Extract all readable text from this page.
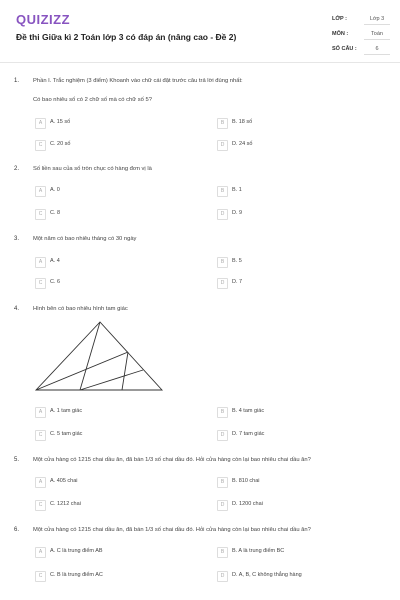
QUIZIZZ
Đề thi Giữa kì 2 Toán lớp 3 có đáp án (nâng cao - Đề 2)
LỚP :	Lớp 3
MÔN :	Toán
SỐ CÂU :	6
1. Phần I. Trắc nghiệm (3 điểm) Khoanh vào chữ cái đặt trước câu trả lời đúng nhất:
Có bao nhiêu số có 2 chữ số mà có chữ số 5?
A	A. 15 số	B	B. 18 số
C	C. 20 số	D	D. 24 số
2. Số liền sau của số tròn chục có hàng đơn vị là
A	A. 0	B	B. 1
C	C. 8	D	D. 9
3. Một năm có bao nhiêu tháng có 30 ngày
A	A. 4	B	B. 5
C	C. 6	D	D. 7
4. Hình bên có bao nhiêu hình tam giác
A	A. 1 tam giác	B	B. 4 tam giác
C	C. 5 tam giác	D	D. 7 tam giác
5. Một cửa hàng có 1215 chai dầu ăn, đã bán 1/3 số chai dầu đó. Hỏi cửa hàng còn lại bao nhiêu chai dầu ăn?
A	A. 405 chai	B	B. 810 chai
C	C. 1212 chai	D	D. 1200 chai
6. Một cửa hàng có 1215 chai dầu ăn, đã bán 1/3 số chai dầu đó. Hỏi cửa hàng còn lại bao nhiêu chai dầu ăn?
A	A. C là trung điểm AB	B	B. A là trung điểm BC
C	C. B là trung điểm AC	D	D. A, B, C không thẳng hàng
